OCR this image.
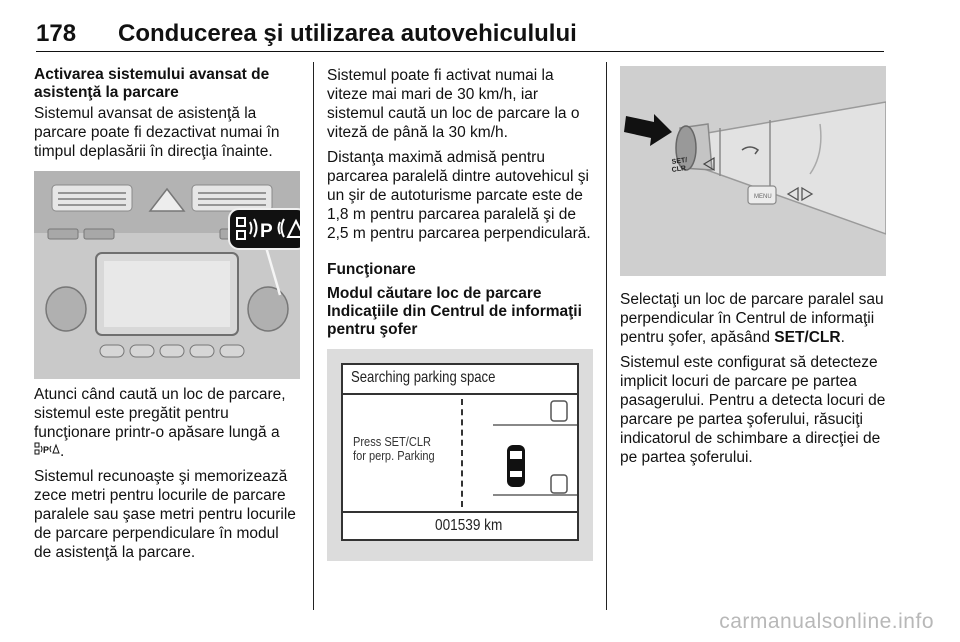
178 Conducerea şi utilizarea autovehiculului
Activarea sistemului avansat de asistenţă la parcare

Sistemul avansat de asistenţă la parcare poate fi dezactivat numai în timpul deplasării în direcţia înainte.

P

Atunci când caută un loc de parcare, sistemul este pregătit pentru funcţionare printr-o apăsare lungă a
P .

Sistemul recunoaşte şi memorizează zece metri pentru locurile de parcare paralele sau şase metri pentru locurile de parcare perpendiculare în modul de asistenţă la parcare.

Sistemul poate fi activat numai la viteze mai mari de 30 km/h, iar sistemul caută un loc de parcare la o viteză de până la 30 km/h.

Distanţa maximă admisă pentru parcarea paralelă dintre autovehicul şi un şir de autoturisme parcate este de 1,8 m pentru parcarea paralelă şi de 2,5 m pentru parcarea perpendiculară.

Funcţionare
Modul căutare loc de parcare
Indicaţiile din Centrul de informaţii pentru şofer
Searching parking space
Press SET/CLR
for perp. Parking
001539 km
SET/
CLR
MENU

Selectaţi un loc de parcare paralel sau perpendicular în Centrul de informaţii pentru şofer, apăsând SET/CLR.

Sistemul este configurat să detecteze implicit locuri de parcare pe partea pasagerului. Pentru a detecta locuri de parcare pe partea şoferului, răsuciţi indicatorul de schimbare a direcţiei de pe partea şoferului.

carmanualsonline.info
